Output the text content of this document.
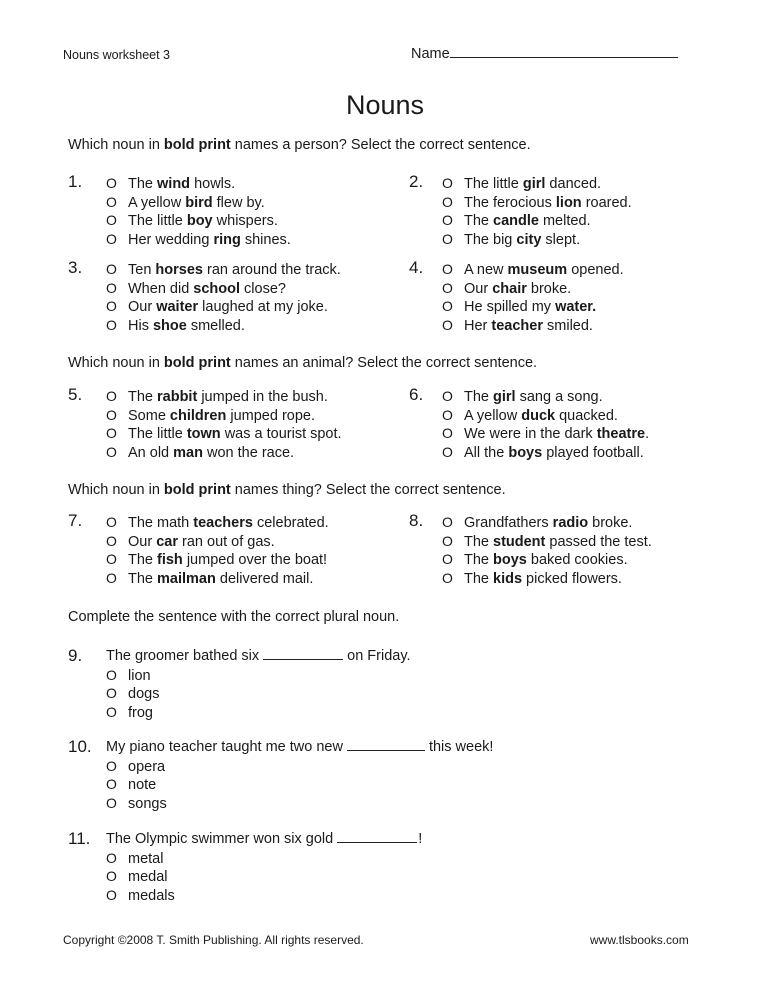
Nouns worksheet 3	Name
Nouns
Which noun in bold print names a person? Select the correct sentence.
Which noun in bold print names an animal? Select the correct sentence.
Which noun in bold print names thing? Select the correct sentence.
Complete the sentence with the correct plural noun.
1. O The wind howls.
O A yellow bird flew by.
O The little boy whispers.
O Her wedding ring shines.
2. O The little girl danced.
O The ferocious lion roared.
O The candle melted.
O The big city slept.
3. O Ten horses ran around the track.
O When did school close?
O Our waiter laughed at my joke.
O His shoe smelled.
4. O A new museum opened.
O Our chair broke.
O He spilled my water.
O Her teacher smiled.
5. O The rabbit jumped in the bush.
O Some children jumped rope.
O The little town was a tourist spot.
O An old man won the race.
6. O The girl sang a song.
O A yellow duck quacked.
O We were in the dark theatre.
O All the boys played football.
7. O The math teachers celebrated.
O Our car ran out of gas.
O The fish jumped over the boat!
O The mailman delivered mail.
8. O Grandfathers radio broke.
O The student passed the test.
O The boys baked cookies.
O The kids picked flowers.
9. The groomer bathed six	on Friday.
O lion
O dogs
O frog
10. My piano teacher taught me two new	this week!
O opera
O note
O songs
11. The Olympic swimmer won six gold	!
O metal
O medal
O medals
Copyright ©2008 T. Smith Publishing. All rights reserved.	www.tlsbooks.com
